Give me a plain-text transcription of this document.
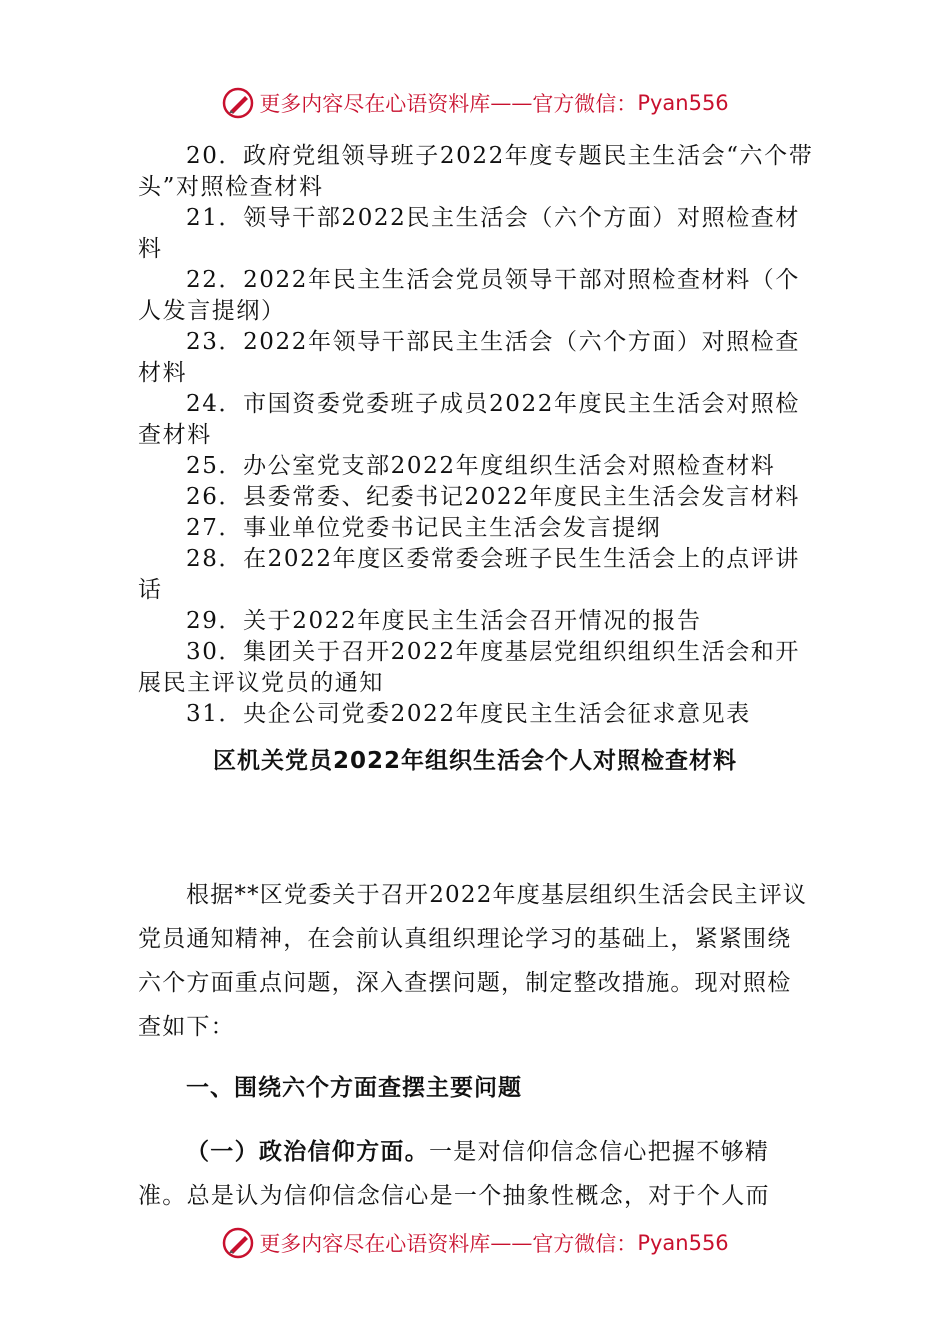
更多内容尽在心语资料库——官方微信：Pyan556
20．政府党组领导班子2022年度专题民主生活会“六个带头”对照检查材料
21．领导干部2022民主生活会（六个方面）对照检查材料
22．2022年民主生活会党员领导干部对照检查材料（个人发言提纲）
23．2022年领导干部民主生活会（六个方面）对照检查材料
24．市国资委党委班子成员2022年度民主生活会对照检查材料
25．办公室党支部2022年度组织生活会对照检查材料
26．县委常委、纪委书记2022年度民主生活会发言材料
27．事业单位党委书记民主生活会发言提纲
28．在2022年度区委常委会班子民生生活会上的点评讲话
29．关于2022年度民主生活会召开情况的报告
30．集团关于召开2022年度基层党组织组织生活会和开展民主评议党员的通知
31．央企公司党委2022年度民主生活会征求意见表
区机关党员2022年组织生活会个人对照检查材料
根据**区党委关于召开2022年度基层组织生活会民主评议党员通知精神，在会前认真组织理论学习的基础上，紧紧围绕六个方面重点问题，深入查摆问题，制定整改措施。现对照检查如下：
一、围绕六个方面查摆主要问题
（一）政治信仰方面。一是对信仰信念信心把握不够精准。总是认为信仰信念信心是一个抽象性概念，对于个人而
更多内容尽在心语资料库——官方微信：Pyan556
